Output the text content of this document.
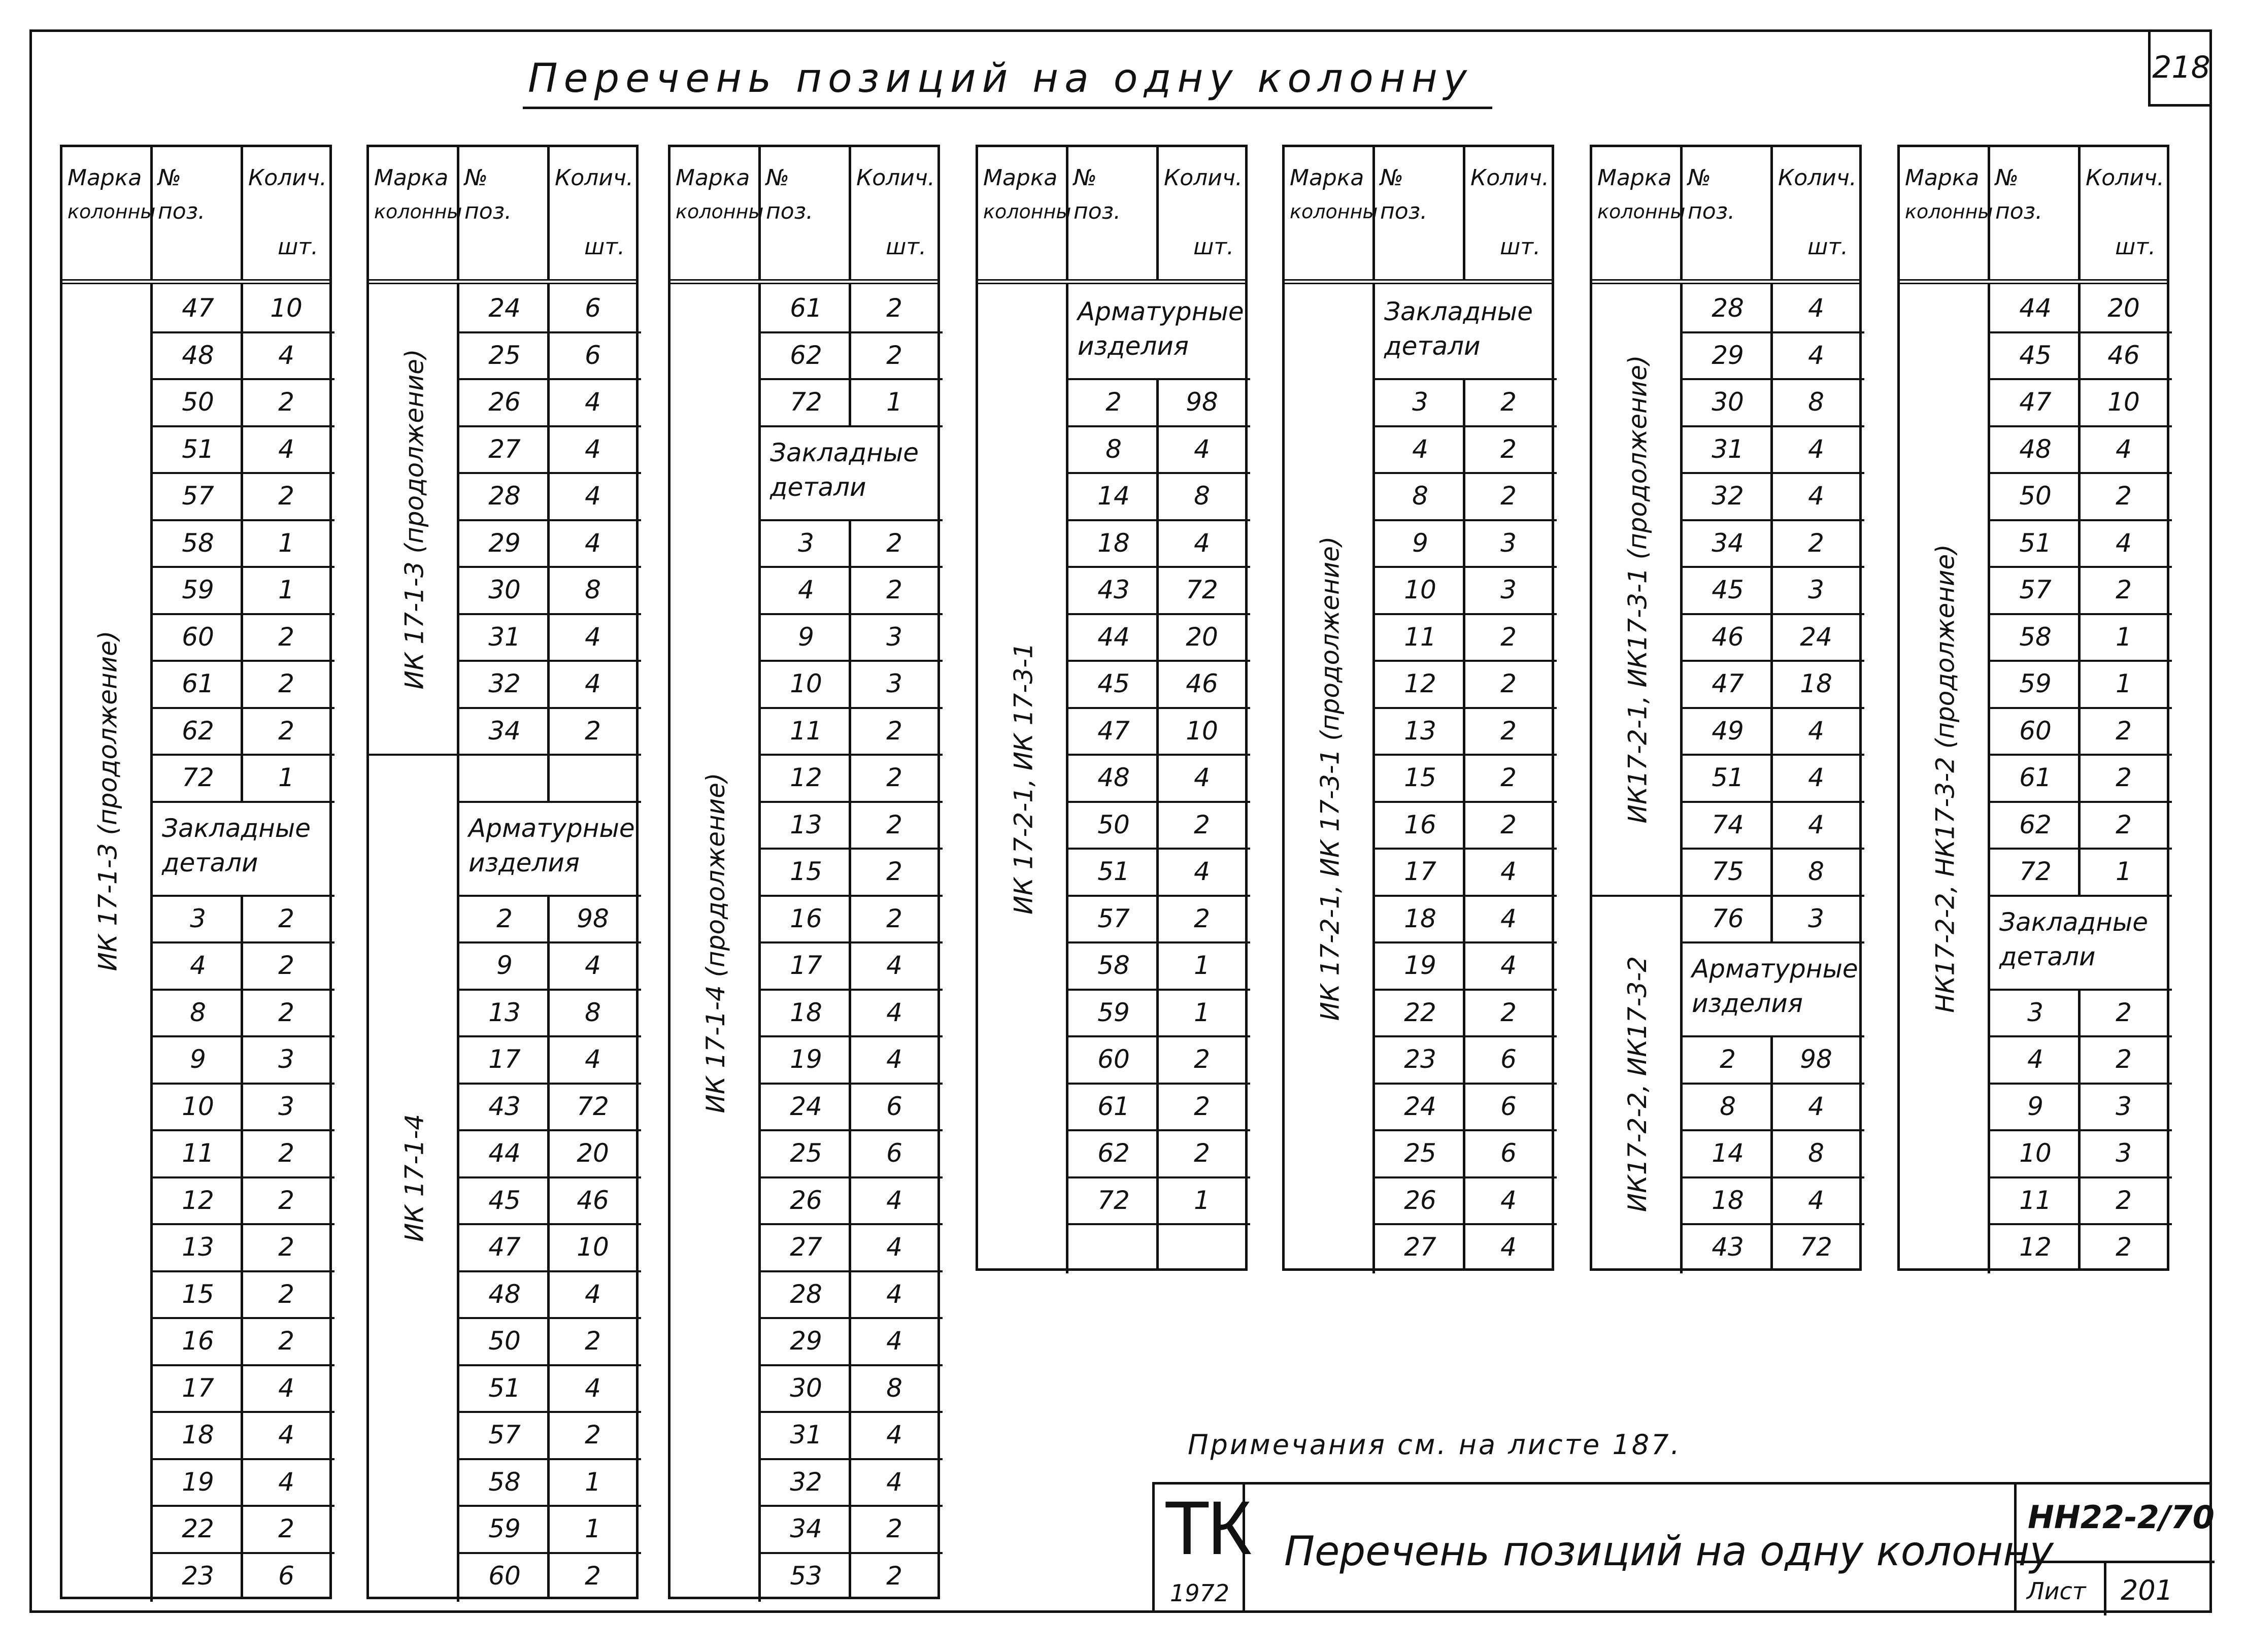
218
Перечень позиций на одну колонну
Марка
колонны
№
поз.
Колич.
шт.
ИК 17-1-3 (продолжение)
47	10
48	4
50	2
51	4
57	2
58	1
59	1
60	2
61	2
62	2
72	1
Закладные детали
3	2
4	2
8	2
9	3
10	3
11	2
12	2
13	2
15	2
16	2
17	4
18	4
19	4
22	2
23	6
Марка
колонны
№
поз.
Колич.
шт.
ИК 17-1-3 (продолжение)
ИК 17-1-4
24	6
25	6
26	4
27	4
28	4
29	4
30	8
31	4
32	4
34	2
Арматурные изделия
2	98
9	4
13	8
17	4
43	72
44	20
45	46
47	10
48	4
50	2
51	4
57	2
58	1
59	1
60	2
Марка
колонны
№
поз.
Колич.
шт.
ИК 17-1-4 (продолжение)
61	2
62	2
72	1
Закладные детали
3	2
4	2
9	3
10	3
11	2
12	2
13	2
15	2
16	2
17	4
18	4
19	4
24	6
25	6
26	4
27	4
28	4
29	4
30	8
31	4
32	4
34	2
53	2
Марка
колонны
№
поз.
Колич.
шт.
ИК 17-2-1, ИК 17-3-1
Арматурные изделия
2	98
8	4
14	8
18	4
43	72
44	20
45	46
47	10
48	4
50	2
51	4
57	2
58	1
59	1
60	2
61	2
62	2
72	1
Марка
колонны
№
поз.
Колич.
шт.
ИК 17-2-1, ИК 17-3-1 (продолжение)
Закладные детали
3	2
4	2
8	2
9	3
10	3
11	2
12	2
13	2
15	2
16	2
17	4
18	4
19	4
22	2
23	6
24	6
25	6
26	4
27	4
Марка
колонны
№
поз.
Колич.
шт.
ИК17-2-1, ИК17-3-1 (продолжение)
ИК17-2-2, ИК17-3-2
28	4
29	4
30	8
31	4
32	4
34	2
45	3
46	24
47	18
49	4
51	4
74	4
75	8
76	3
Арматурные изделия
2	98
8	4
14	8
18	4
43	72
Марка
колонны
№
поз.
Колич.
шт.
НК17-2-2, НК17-3-2 (продолжение)
44	20
45	46
47	10
48	4
50	2
51	4
57	2
58	1
59	1
60	2
61	2
62	2
72	1
Закладные детали
3	2
4	2
9	3
10	3
11	2
12	2
Примечания см. на листе 187.
ТК
1972
Перечень позиций на одну колонну
НН22-2/70
Лист 201
